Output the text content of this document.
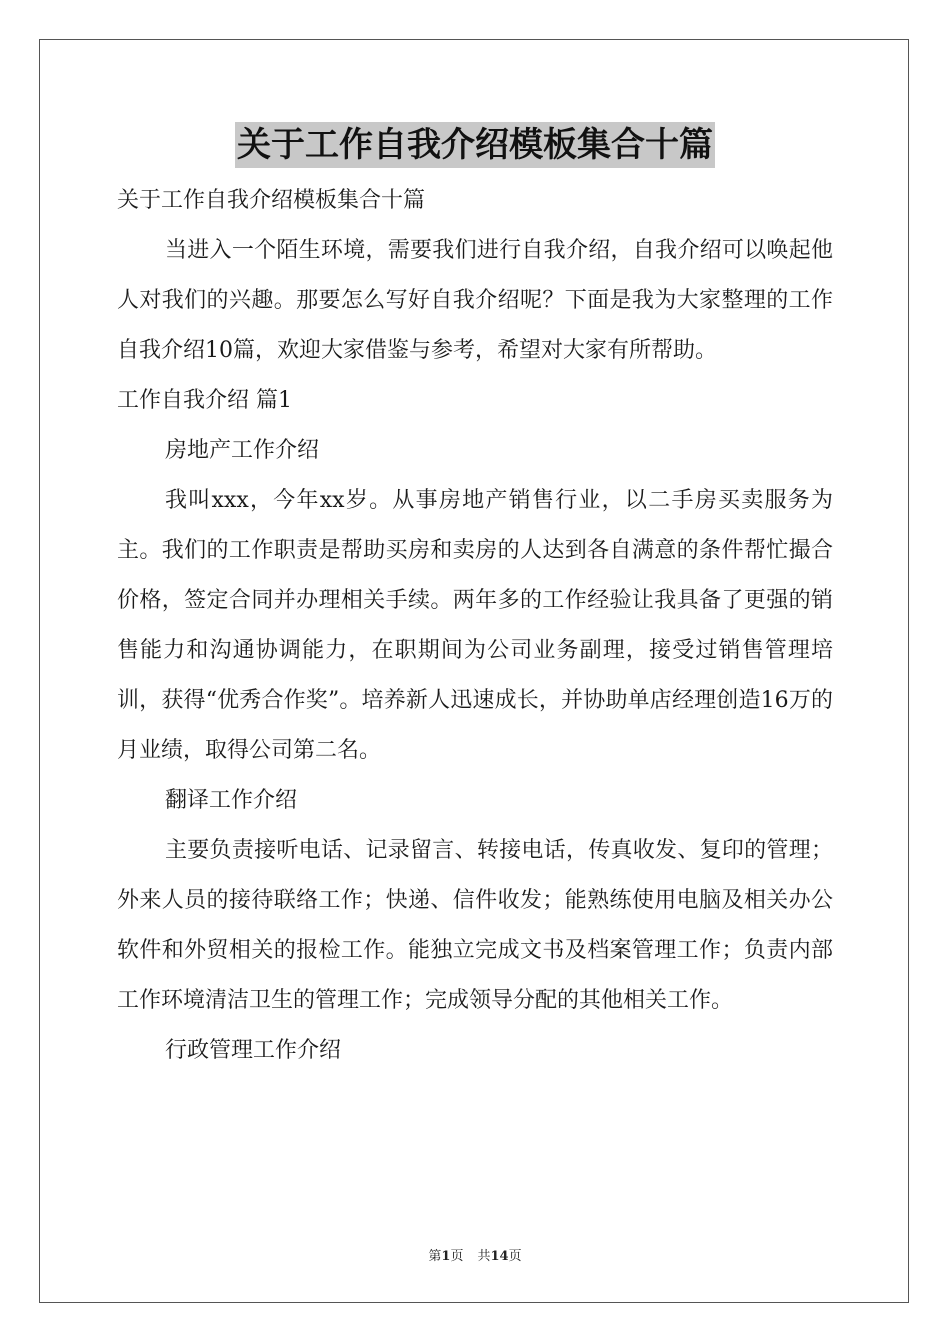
关于工作自我介绍模板集合十篇

关于工作自我介绍模板集合十篇

当进入一个陌生环境，需要我们进行自我介绍，自我介绍可以唤起他人对我们的兴趣。那要怎么写好自我介绍呢？下面是我为大家整理的工作自我介绍10篇，欢迎大家借鉴与参考，希望对大家有所帮助。

工作自我介绍 篇1

房地产工作介绍

我叫xxx，今年xx岁。从事房地产销售行业，以二手房买卖服务为主。我们的工作职责是帮助买房和卖房的人达到各自满意的条件帮忙撮合价格，签定合同并办理相关手续。两年多的工作经验让我具备了更强的销售能力和沟通协调能力，在职期间为公司业务副理，接受过销售管理培训，获得“优秀合作奖”。培养新人迅速成长，并协助单店经理创造16万的月业绩，取得公司第二名。

翻译工作介绍

主要负责接听电话、记录留言、转接电话，传真收发、复印的管理；外来人员的接待联络工作；快递、信件收发；能熟练使用电脑及相关办公软件和外贸相关的报检工作。能独立完成文书及档案管理工作；负责内部工作环境清洁卫生的管理工作；完成领导分配的其他相关工作。

行政管理工作介绍

第1页 共14页
